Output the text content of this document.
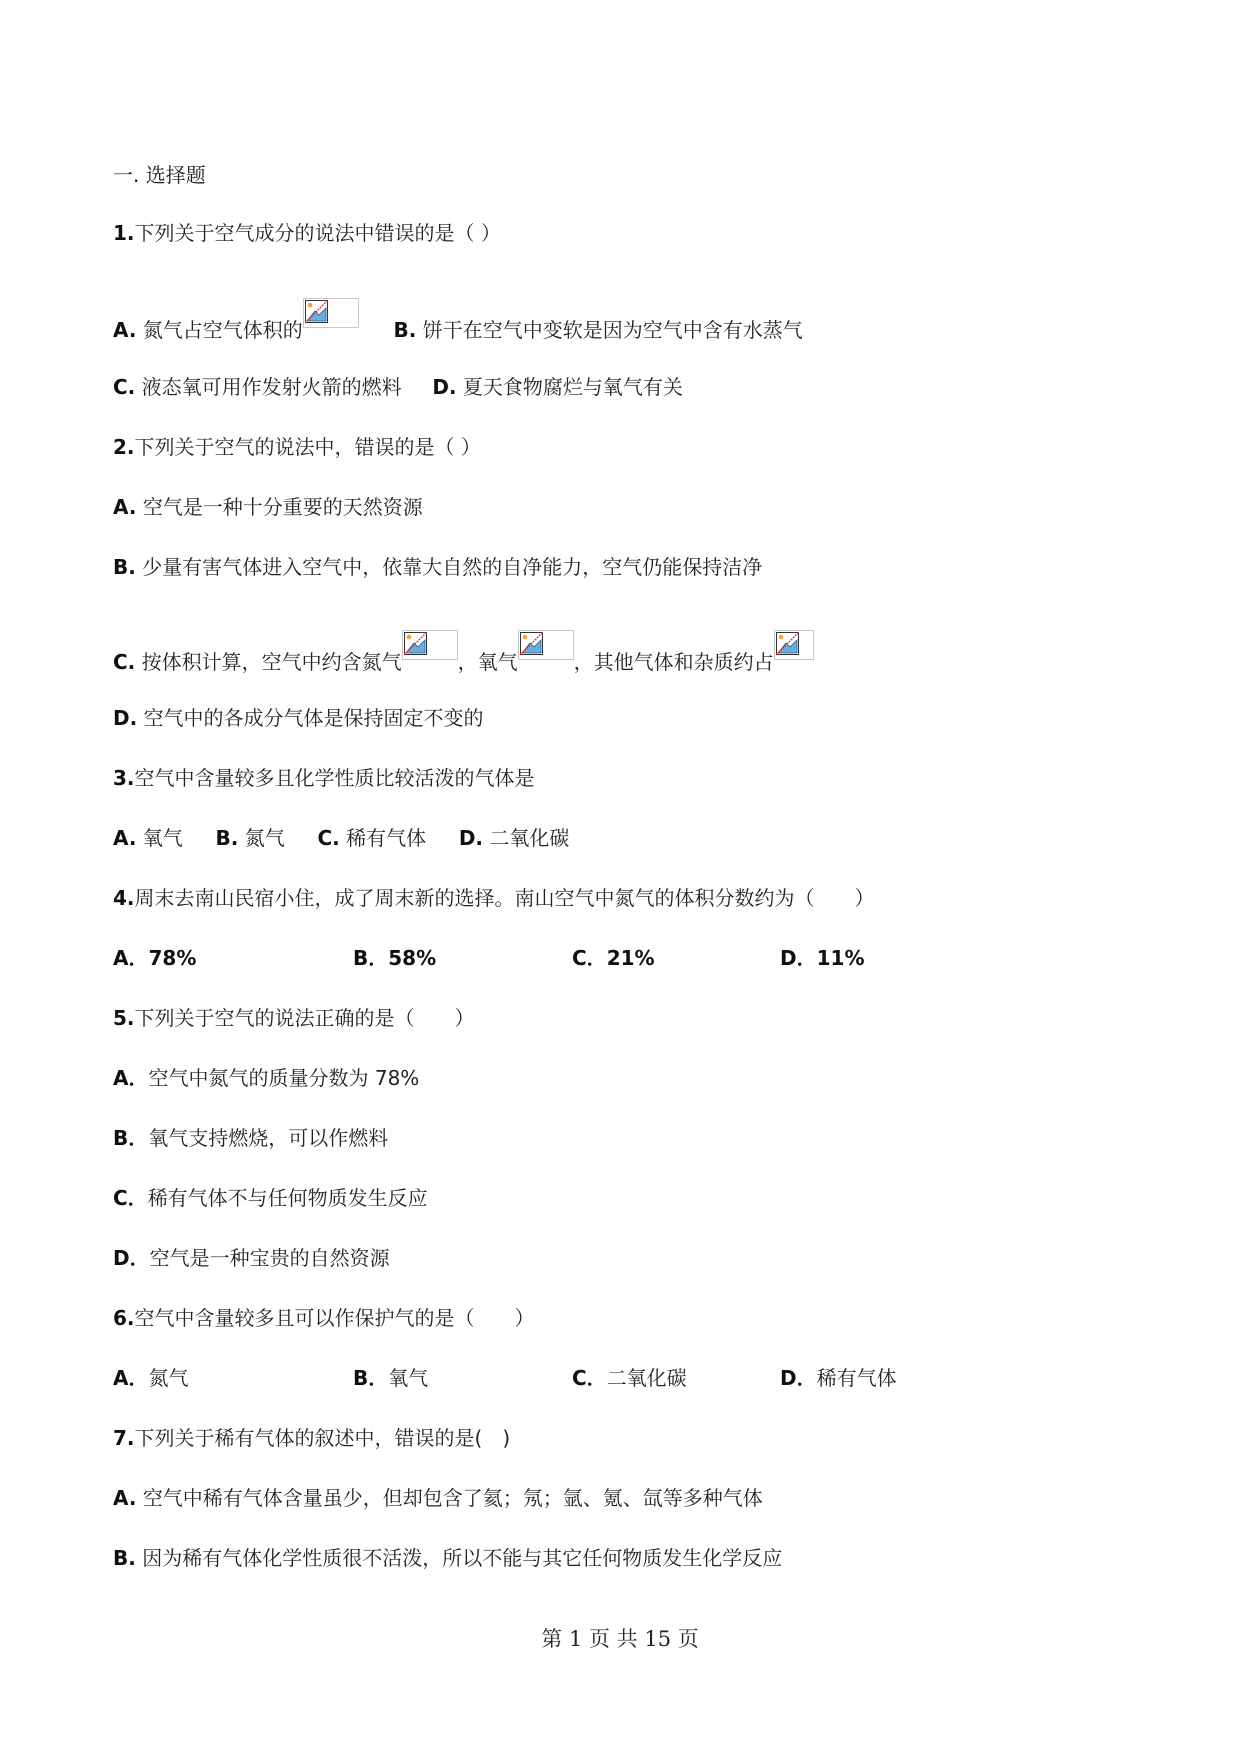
一. 选择题
1.下列关于空气成分的说法中错误的是（ ）
A. 氮气占空气体积的	B. 饼干在空气中变软是因为空气中含有水蒸气
C. 液态氧可用作发射火箭的燃料 D. 夏天食物腐烂与氧气有关
2.下列关于空气的说法中，错误的是（ ）
A. 空气是一种十分重要的天然资源
B. 少量有害气体进入空气中，依靠大自然的自净能力，空气仍能保持洁净
C. 按体积计算，空气中约含氮气	，氧气	，其他气体和杂质约占
D. 空气中的各成分气体是保持固定不变的
3.空气中含量较多且化学性质比较活泼的气体是
A. 氧气 B. 氮气 C. 稀有气体 D. 二氧化碳
4.周末去南山民宿小住，成了周末新的选择。南山空气中氮气的体积分数约为（　　）
A．78%	B．58%	C．21%	D．11%
5.下列关于空气的说法正确的是（　　）
A．空气中氮气的质量分数为 78%
B．氧气支持燃烧，可以作燃料
C．稀有气体不与任何物质发生反应
D．空气是一种宝贵的自然资源
6.空气中含量较多且可以作保护气的是（　　）
A．氮气	B．氧气	C．二氧化碳	D．稀有气体
7.下列关于稀有气体的叙述中，错误的是(　)
A. 空气中稀有气体含量虽少，但却包含了氦；氖；氩、氪、氙等多种气体
B. 因为稀有气体化学性质很不活泼，所以不能与其它任何物质发生化学反应
第 1 页 共 15 页
